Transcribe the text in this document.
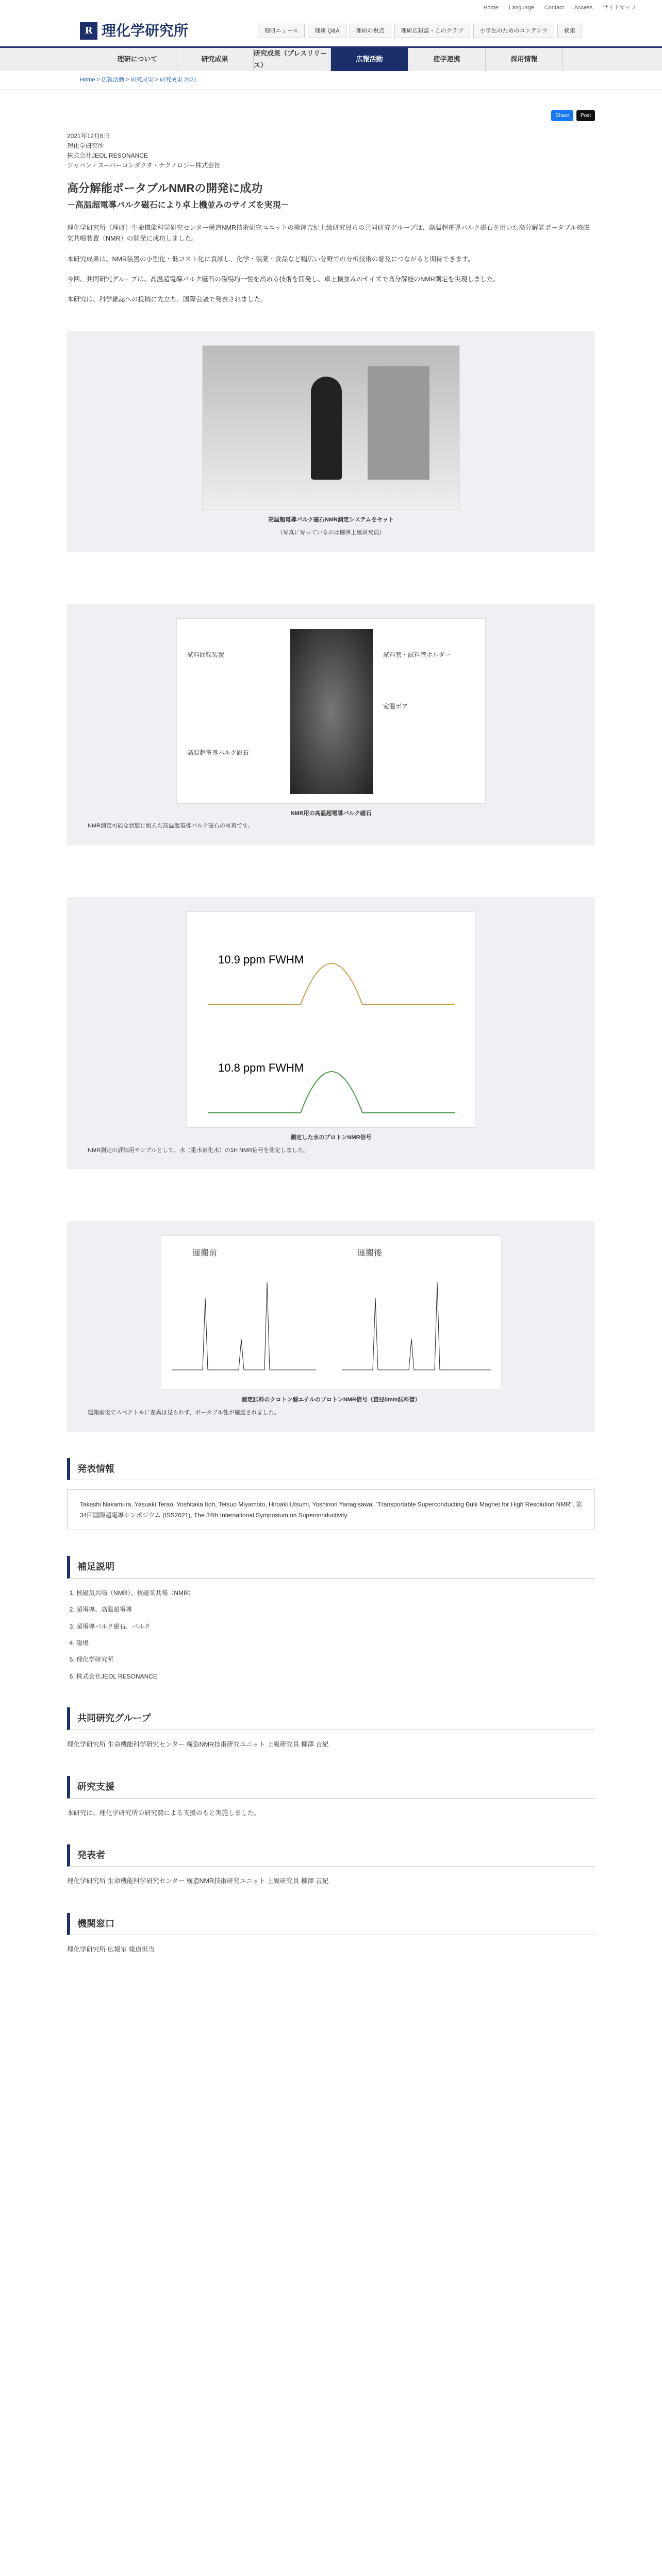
Home	Language	Contact	Access	サイトマップ
R 理化学研究所	理研ニュース	理研 Q&A	理研の視点	理研広報誌・このクラブ	小学生のためのコンテンツ	検索
理研について	研究成果
研究成果（プレスリリース）
広報活動	産学連携	採用情報
Home > 広報活動 > 研究成果 > 研究成果 2021
Share	Post
2021年12月6日
理化学研究所
株式会社JEOL RESONANCE
ジャパン・スーパーコンダクタ・テクノロジー株式会社
高分解能ポータブルNMRの開発に成功
－高温超電導バルク磁石により卓上機並みのサイズを実現－

理化学研究所（理研）生命機能科学研究センター構造NMR技術研究ユニットの柳澤吉紀上級研究員らの共同研究グループは、高温超電導バルク磁石を用いた高分解能ポータブル核磁気共鳴装置（NMR）の開発に成功しました。

本研究成果は、NMR装置の小型化・低コスト化に貢献し、化学・製薬・食品など幅広い分野での分析技術の普及につながると期待できます。

今回、共同研究グループは、高温超電導バルク磁石の磁場均一性を高める技術を開発し、卓上機並みのサイズで高分解能のNMR測定を実現しました。

本研究は、科学雑誌への投稿に先立ち、国際会議で発表されました。

高温超電導バルク磁石NMR測定システムをセット
（写真に写っているのは柳澤上級研究員）
試料回転装置	試料管・試料管ホルダー
室温ボア
高温超電導バルク磁石
NMR用の高温超電導バルク磁石
NMR測定可能な状態に組んだ高温超電導バルク磁石の写真です。
10.9 ppm FWHM
10.8 ppm FWHM
測定した水のプロトンNMR信号
NMR測定の評価用サンプルとして、水（重水素化水）の1H NMR信号を測定しました。
運搬前	運搬後
測定試料のクロトン酸エチルのプロトンNMR信号（直径5mm試料管）
運搬前後でスペクトルに差異は見られず、ポータブル性が確認されました。
発表情報
Takashi Nakamura, Yasuaki Terao, Yoshitaka Itoh, Tetsuo Miyamoto, Hiroaki Utsumi, Yoshinori Yanagisawa, "Transportable Superconducting Bulk Magnet for High Resolution NMR", 第34回国際超電導シンポジウム (ISS2021), The 34th International Symposium on Superconductivity
補足説明
1. 核磁気共鳴（NMR）、核磁気共鳴（NMR）
2. 超電導、高温超電導
3. 超電導バルク磁石、バルク
4. 磁場
5. 理化学研究所
6. 株式会社JEOL RESONANCE
共同研究グループ

理化学研究所 生命機能科学研究センター 構造NMR技術研究ユニット 上級研究員 柳澤 吉紀

研究支援

本研究は、理化学研究所の研究費による支援のもと実施しました。

発表者

理化学研究所 生命機能科学研究センター 構造NMR技術研究ユニット 上級研究員 柳澤 吉紀

機関窓口

理化学研究所 広報室 報道担当
